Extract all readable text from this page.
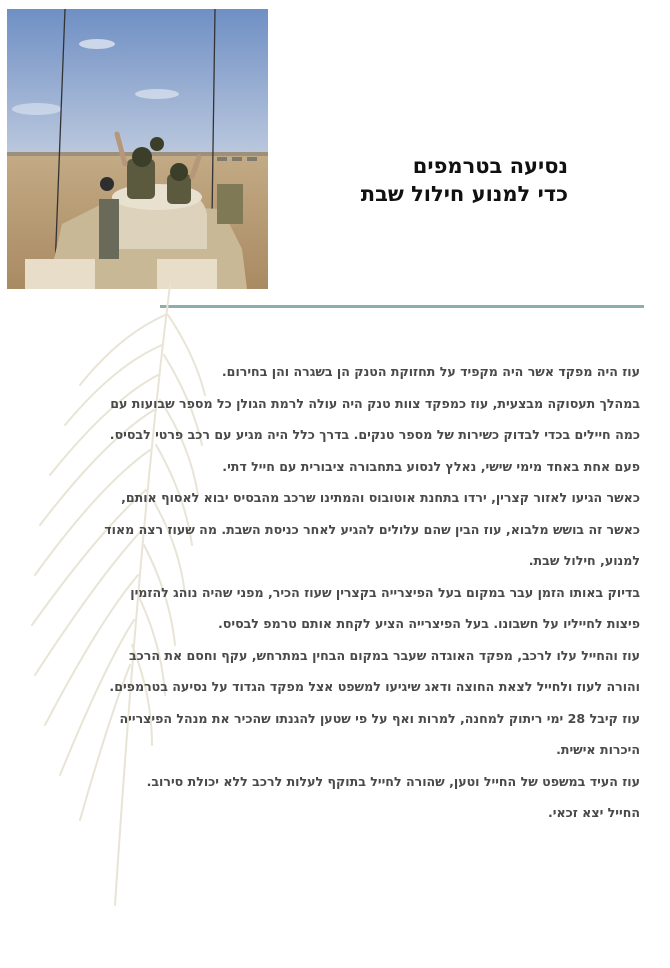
נסיעה בטרמפים
כדי למנוע חילול שבת
עוז היה מפקד אשר היה מקפיד על תחזוקת הטנק הן בשגרה והן בחירום.
במהלך תעסוקה מבצעית, עוז כמפקד צוות טנק היה עולה לרמת הגולן כל מספר שבועות עם
כמה חיילים בכדי לבדוק כשירות של מספר טנקים. בדרך כלל היה מגיע עם רכב פרטי לבסיס.
פעם אחת באחד מימי שישי, נאלץ לנסוע בתחבורה ציבורית עם חייל דתי.
כאשר הגיעו לאזור קצרין, ירדו בתחנת אוטובוס והמתינו שרכב מהבסיס יבוא לאסוף אותם,
כאשר זה בושש מלבוא, עוז הבין שהם עלולים להגיע לאחר כניסת השבת. מה שעוז רצה מאוד
למנוע, חילול שבת.
בדיוק באותו הזמן עבר במקום בעל הפיצרייה בקצרין שעוז הכיר, מפני שהיה נוהג להזמין
פיצות לחייליו על חשבונו. בעל הפיצרייה הציע לקחת אותם טרמפ לבסיס.
עוז והחייל עלו לרכב, מפקד האוגדה שעבר במקום הבחין במתרחש, עקף וחסם את הרכב
והורה לעוז ולחייל לצאת החוצה ודאג שיגיעו למשפט אצל מפקד הגדוד על נסיעה בטרמפים.
עוז קיבל 28 ימי ריתוק למחנה, למרות ואף על פי שטען להגנתו שהכיר את מנהל הפיצרייה
היכרות אישית.
עוז העיד במשפט של החייל וטען, שהורה לחייל בתוקף לעלות לרכב ללא יכולת סירוב.
החייל יצא זכאי.
